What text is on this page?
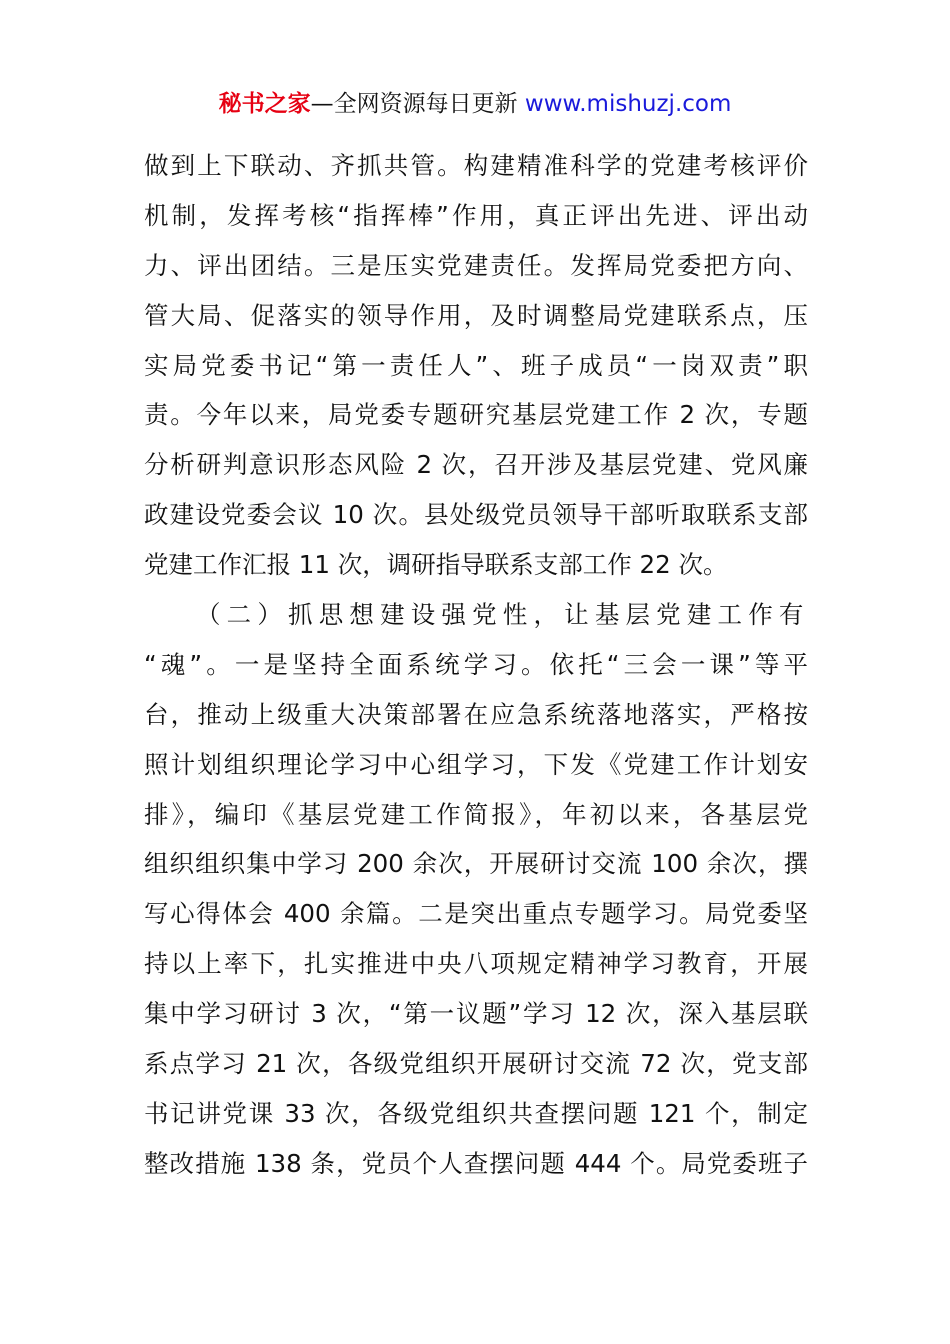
秘书之家—全网资源每日更新 www.mishuzj.com
做到上下联动、齐抓共管。构建精准科学的党建考核评价
机制，发挥考核“指挥棒”作用，真正评出先进、评出动
力、评出团结。三是压实党建责任。发挥局党委把方向、
管大局、促落实的领导作用，及时调整局党建联系点，压
实局党委书记“第一责任人”、班子成员“一岗双责”职
责。今年以来，局党委专题研究基层党建工作 2 次，专题
分析研判意识形态风险 2 次，召开涉及基层党建、党风廉
政建设党委会议 10 次。县处级党员领导干部听取联系支部
党建工作汇报 11 次，调研指导联系支部工作 22 次。
（二）抓思想建设强党性，让基层党建工作有
“魂”。一是坚持全面系统学习。依托“三会一课”等平
台，推动上级重大决策部署在应急系统落地落实，严格按
照计划组织理论学习中心组学习，下发《党建工作计划安
排》，编印《基层党建工作简报》，年初以来，各基层党
组织组织集中学习 200 余次，开展研讨交流 100 余次，撰
写心得体会 400 余篇。二是突出重点专题学习。局党委坚
持以上率下，扎实推进中央八项规定精神学习教育，开展
集中学习研讨 3 次，“第一议题”学习 12 次，深入基层联
系点学习 21 次，各级党组织开展研讨交流 72 次，党支部
书记讲党课 33 次，各级党组织共查摆问题 121 个，制定
整改措施 138 条，党员个人查摆问题 444 个。局党委班子
